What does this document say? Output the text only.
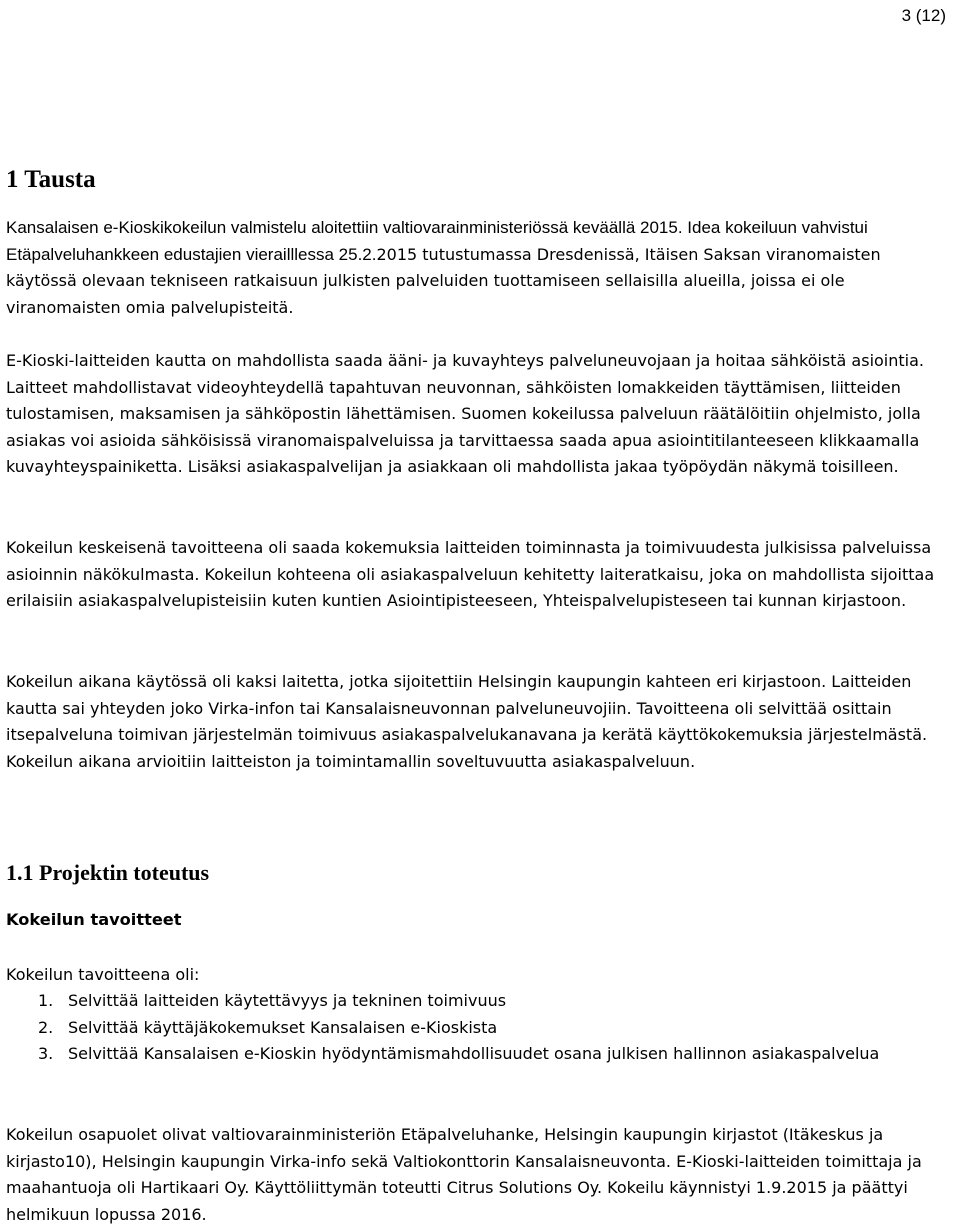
3 (12)
1 Tausta

Kansalaisen e-Kioskikokeilun valmistelu aloitettiin valtiovarainministeriössä keväällä 2015. Idea kokeiluun vahvistui Etäpalveluhankkeen edustajien vierailllessa 25.2.2015 tutustumassa Dresdenissä, Itäisen Saksan viranomaisten käytössä olevaan tekniseen ratkaisuun julkisten palveluiden tuottamiseen sellaisilla alueilla, joissa ei ole viranomaisten omia palvelupisteitä.

E-Kioski-laitteiden kautta on mahdollista saada ääni- ja kuvayhteys palveluneuvojaan ja hoitaa sähköistä asiointia. Laitteet mahdollistavat videoyhteydellä tapahtuvan neuvonnan, sähköisten lomakkeiden täyttämisen, liitteiden tulostamisen, maksamisen ja sähköpostin lähettämisen. Suomen kokeilussa palveluun räätälöitiin ohjelmisto, jolla asiakas voi asioida sähköisissä viranomaispalveluissa ja tarvittaessa saada apua asiointitilanteeseen klikkaamalla kuvayhteyspainiketta. Lisäksi asiakaspalvelijan ja asiakkaan oli mahdollista jakaa työpöydän näkymä toisilleen.

Kokeilun keskeisenä tavoitteena oli saada kokemuksia laitteiden toiminnasta ja toimivuudesta julkisissa palveluissa asioinnin näkökulmasta. Kokeilun kohteena oli asiakaspalveluun kehitetty laiteratkaisu, joka on mahdollista sijoittaa erilaisiin asiakaspalvelupisteisiin kuten kuntien Asiointipisteeseen, Yhteispalvelupisteseen tai kunnan kirjastoon.

Kokeilun aikana käytössä oli kaksi laitetta, jotka sijoitettiin Helsingin kaupungin kahteen eri kirjastoon. Laitteiden kautta sai yhteyden joko Virka-infon tai Kansalaisneuvonnan palveluneuvojiin. Tavoitteena oli selvittää osittain itsepalveluna toimivan järjestelmän toimivuus asiakaspalvelukanavana ja kerätä käyttökokemuksia järjestelmästä. Kokeilun aikana arvioitiin laitteiston ja toimintamallin soveltuvuutta asiakaspalveluun.

1.1 Projektin toteutus
Kokeilun tavoitteet

Kokeilun tavoitteena oli:

1. Selvittää laitteiden käytettävyys ja tekninen toimivuus
2. Selvittää käyttäjäkokemukset Kansalaisen e-Kioskista
3. Selvittää Kansalaisen e-Kioskin hyödyntämismahdollisuudet osana julkisen hallinnon asiakaspalvelua

Kokeilun osapuolet olivat valtiovarainministeriön Etäpalveluhanke, Helsingin kaupungin kirjastot (Itäkeskus ja kirjasto10), Helsingin kaupungin Virka-info sekä Valtiokonttorin Kansalaisneuvonta. E-Kioski-laitteiden toimittaja ja maahantuoja oli Hartikaari Oy. Käyttöliittymän toteutti Citrus Solutions Oy. Kokeilu käynnistyi 1.9.2015 ja päättyi helmikuun lopussa 2016.
